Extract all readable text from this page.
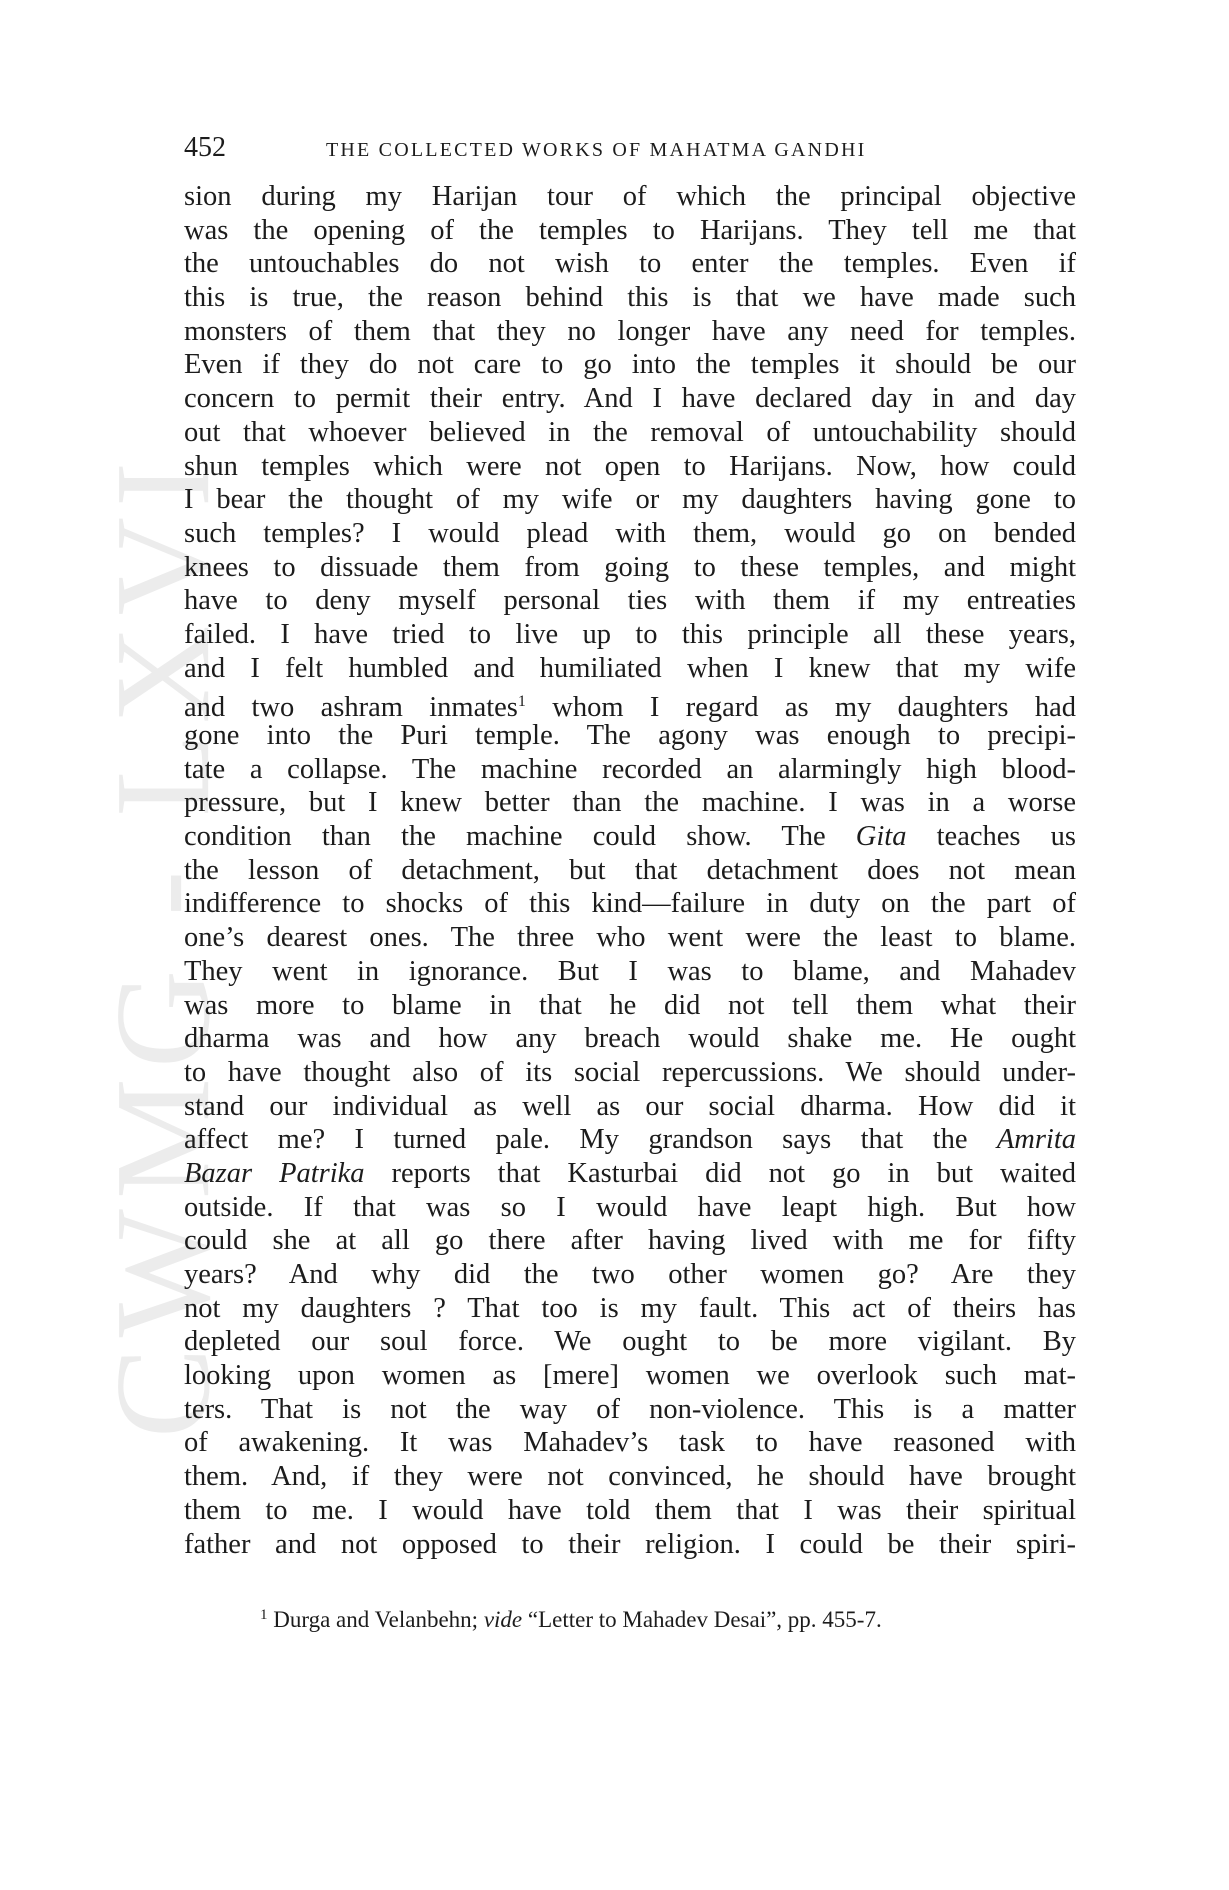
CWMG - LXVI
452	THE COLLECTED WORKS OF MAHATMA GANDHI
sion during my Harijan tour of which the principal objective
was the opening of the temples to Harijans. They tell me that
the untouchables do not wish to enter the temples. Even if
this is true, the reason behind this is that we have made such
monsters of them that they no longer have any need for temples.
Even if they do not care to go into the temples it should be our
concern to permit their entry. And I have declared day in and day
out that whoever believed in the removal of untouchability should
shun temples which were not open to Harijans. Now, how could
I bear the thought of my wife or my daughters having gone to
such temples? I would plead with them, would go on bended
knees to dissuade them from going to these temples, and might
have to deny myself personal ties with them if my entreaties
failed. I have tried to live up to this principle all these years,
and I felt humbled and humiliated when I knew that my wife
and two ashram inmates$^1$ whom I regard as my daughters had
gone into the Puri temple. The agony was enough to precipi-
tate a collapse. The machine recorded an alarmingly high blood-
pressure, but I knew better than the machine. I was in a worse
condition than the machine could show. The Gita teaches us
the lesson of detachment, but that detachment does not mean
indifference to shocks of this kind—failure in duty on the part of
one’s dearest ones. The three who went were the least to blame.
They went in ignorance. But I was to blame, and Mahadev
was more to blame in that he did not tell them what their
dharma was and how any breach would shake me. He ought
to have thought also of its social repercussions. We should under-
stand our individual as well as our social dharma. How did it
affect me? I turned pale. My grandson says that the Amrita
Bazar Patrika reports that Kasturbai did not go in but waited
outside. If that was so I would have leapt high. But how
could she at all go there after having lived with me for fifty
years? And why did the two other women go? Are they
not my daughters ? That too is my fault. This act of theirs has
depleted our soul force. We ought to be more vigilant. By
looking upon women as [mere] women we overlook such mat-
ters. That is not the way of non-violence. This is a matter
of awakening. It was Mahadev’s task to have reasoned with
them. And, if they were not convinced, he should have brought
them to me. I would have told them that I was their spiritual
father and not opposed to their religion. I could be their spiri-
$^1$ Durga and Velanbehn; vide “Letter to Mahadev Desai”, pp. 455-7.
